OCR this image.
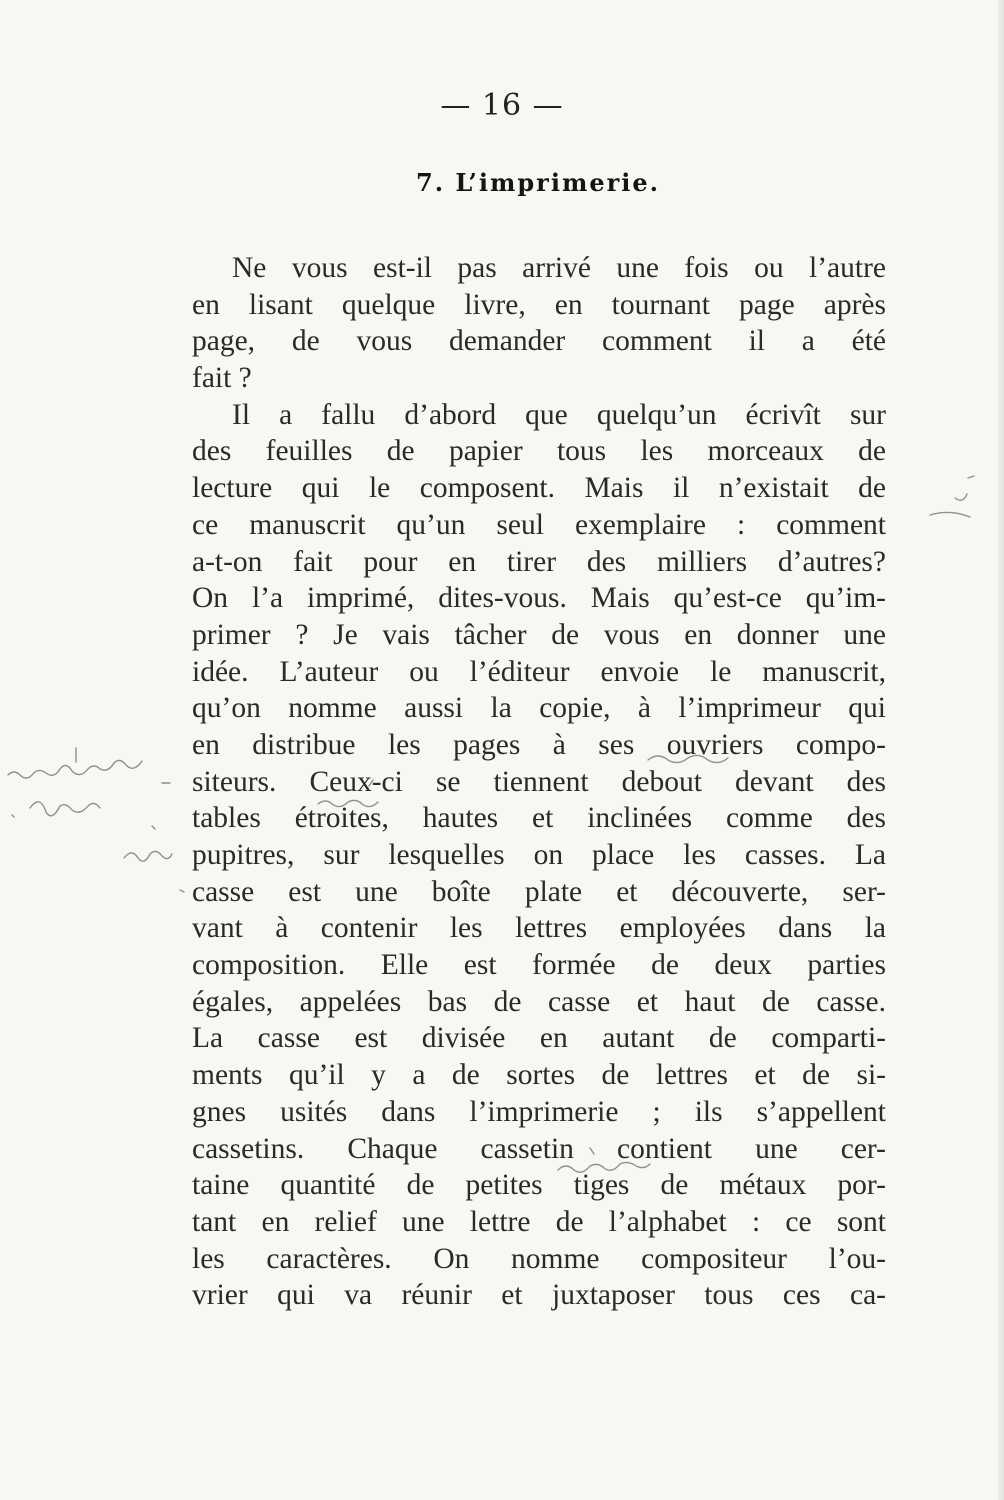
— 16 —
7. L’imprimerie.
Ne vous est-il pas arrivé une fois ou l’autre
en lisant quelque livre, en tournant page après
page, de vous demander comment il a été
fait ?
Il a fallu d’abord que quelqu’un écrivît sur
des feuilles de papier tous les morceaux de
lecture qui le composent. Mais il n’existait de
ce manuscrit qu’un seul exemplaire : comment
a-t-on fait pour en tirer des milliers d’autres?
On l’a imprimé, dites-vous. Mais qu’est-ce qu’im-
primer ? Je vais tâcher de vous en donner une
idée. L’auteur ou l’éditeur envoie le manuscrit,
qu’on nomme aussi la copie, à l’imprimeur qui
en distribue les pages à ses ouvriers compo-
siteurs. Ceux-ci se tiennent debout devant des
tables étroites, hautes et inclinées comme des
pupitres, sur lesquelles on place les casses. La
casse est une boîte plate et découverte, ser-
vant à contenir les lettres employées dans la
composition. Elle est formée de deux parties
égales, appelées bas de casse et haut de casse.
La casse est divisée en autant de comparti-
ments qu’il y a de sortes de lettres et de si-
gnes usités dans l’imprimerie ; ils s’appellent
cassetins. Chaque cassetin contient une cer-
taine quantité de petites tiges de métaux por-
tant en relief une lettre de l’alphabet : ce sont
les caractères. On nomme compositeur l’ou-
vrier qui va réunir et juxtaposer tous ces ca-
